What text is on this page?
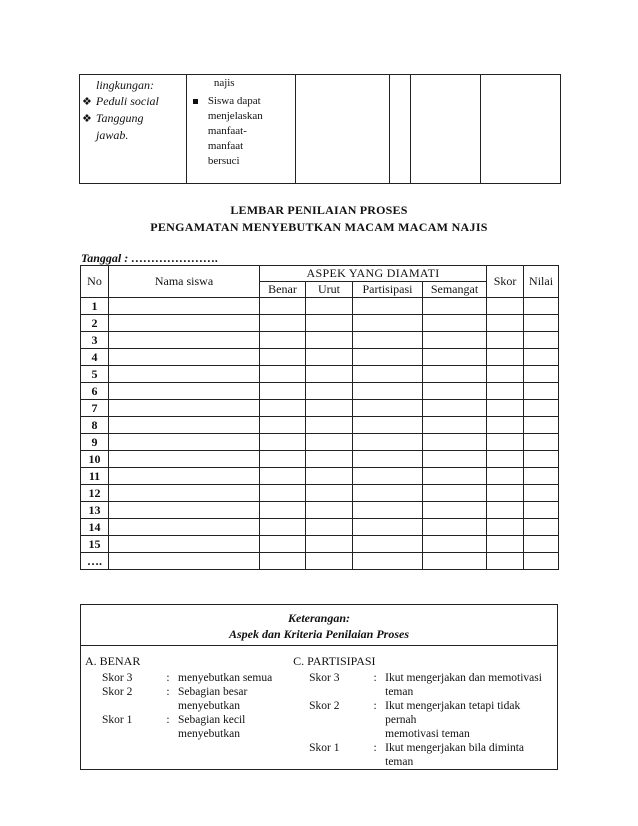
lingkungan:
❖ Peduli social
❖ Tanggung
jawab.

najis
Siswa dapat
menjelaskan
manfaat-
manfaat
bersuci

LEMBAR PENILAIAN PROSES
PENGAMATAN MENYEBUTKAN MACAM MACAM NAJIS
Tanggal : ………………….
No	Nama siswa	ASPEK YANG DIAMATI				Skor	Nilai
		Benar	Urut	Partisipasi	Semangat		
1							
2							
3							
4							
5							
6							
7							
8							
9							
10							
11							
12							
13							
14							
15							
….							
Keterangan:
Aspek dan Kriteria Penilaian Proses

A. BENAR
Skor 3	: menyebutkan semua
Skor 2	: Sebagian besar
menyebutkan
Skor 1	: Sebagian kecil
menyebutkan
C. PARTISIPASI
Skor 3	: Ikut mengerjakan dan memotivasi
teman
Skor 2	: Ikut mengerjakan tetapi tidak pernah
memotivasi teman
Skor 1	: Ikut mengerjakan bila diminta teman
